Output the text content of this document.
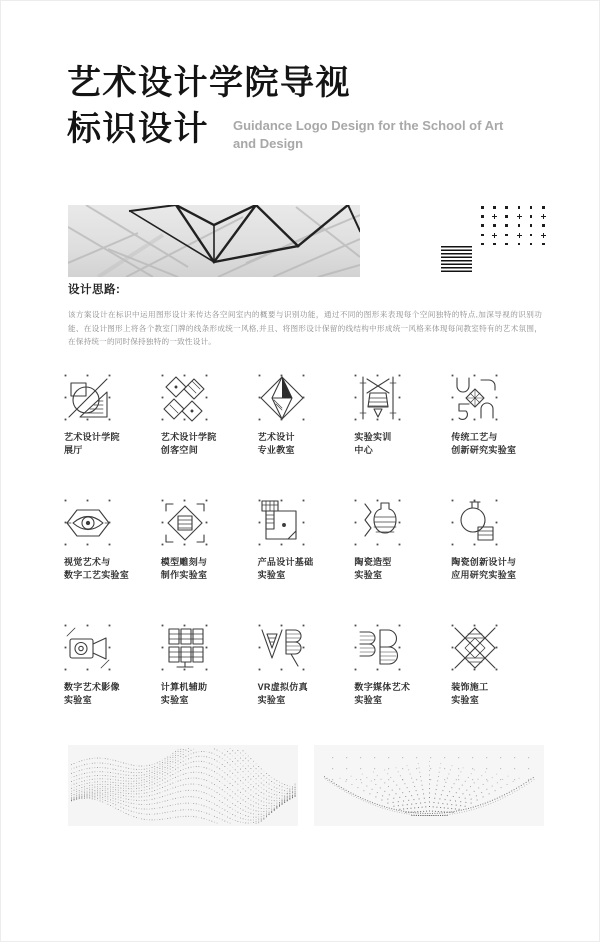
艺术设计学院导视
标识设计 Guidance Logo Design for the School of Art and Design
设计思路:
该方案设计在标识中运用图形设计来传达各空间室内的概要与识别功能，通过不同的图形来表现每个空间独特的特点,加深导视的识别功能、在设计图形上将各个教室门牌的线条形成统一风格,并且、将图形设计保留的线结构中形成统一风格来体现每间教室特有的艺术氛围，在保持统一的同时保持独特的一致性设计。
艺术设计学院
展厅
艺术设计学院
创客空间
艺术设计
专业教室
实验实训
中心
传统工艺与
创新研究实验室
视觉艺术与
数字工艺实验室
模型雕刻与
制作实验室
产品设计基础
实验室
陶瓷造型
实验室
陶瓷创新设计与
应用研究实验室
数字艺术影像
实验室
计算机辅助
实验室
VR虚拟仿真
实验室
数字媒体艺术
实验室
装饰施工
实验室
